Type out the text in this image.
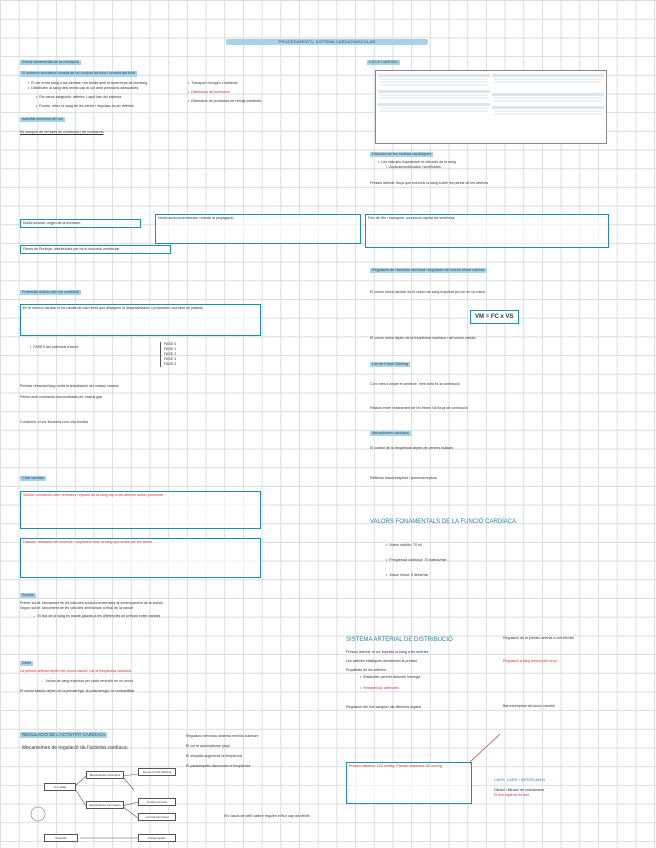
PROCEDIMENTS, SISTEMA CARDIOVASCULAR
Efecte fonamental de la circulació
El sistema circulatori consta de un conjunt de tubs i bomba del fluid
• El cor envia sang a les cavitats i els teixits amb la seva força de bombeig
• Distribueix la sang dels teixits cap al cor amb pressions adequades
• Els vasos sanguinis: artèries i capil·lars del sistema
• Funció: rebre la sang de les venes i impulsar-la per artèries
• Transport d'oxigen i nutrients
• Distribució de hormones
• Eliminació de productes de rebuig metabòlic
Activitat elèctrica del cor
Es compon de cèl·lules de conducció i de contracció
Nòdul sinusal: origen de la excitació
Fibres de Purkinje: distribuïdes per tot el miocardi ventricular
Nòdul auriculoventricular: retarda la propagació	Feix de His i branques: conducció ràpida als ventricles
Potencial d'acció del cor contràctil
En el múscul cardíac hi ha canals de calci lents que allarguen la despolarització i produeixen una fase de plateau
• FASES del potencial d'acció:
FASE 0
FASE 1
FASE 2
FASE 3
FASE 4
Periode refractari llarg: evita la tetanització del múscul cardíac
Fibres amb contracció sincronitzada per unions gap
Conclusió: el cor funciona com una bomba
Cicle cardíac
Sístole: contracció dels ventricles i ejecció de la sang cap a les artèries aorta i pulmonar
Diàstole: relaxació del ventricle i ompliment amb la sang que arriba per les venes
Sorolls
Primer soroll: tancament de les vàlvules auriculoventriculars al començament de la sístole
Segon soroll: tancament de les vàlvules semilunars al final de la sístole
→ El flux de la sang es manté gràcies a les diferències de pressió entre cavitats
Dèbit
La pressió arterial depèn del volum sistòlic i de la freqüència cardíaca
→ Volum de sang expulsat per cada ventricle en un minut
El volum sistòlic depèn de la precàrrega, la postcàrrega i la contractilitat
REGULACIÓ DE L'ACTIVITAT CARDÍACA
Mecanismes de regulació de l'activitat cardíaca:
Cor aïllat
Mecanismes intrínsecs
Llei de Frank-Starling
Mecanismes extrínsecs
Control nerviós
Control hormonal
Simpàtic	Parasimpàtic
Regulació nerviosa: sistema nerviós autònom
El cor té automatisme propi
El simpàtic augmenta la freqüència
El parasimpàtic disminueix la freqüència
CICLE CARDÍAC
Vàlvules de les cavitats cardíaques
• Les vàlvules impedeixen el retrocés de la sang
• Auriculoventriculars i semilunars
Pressió arterial: força que exerceix la sang sobre les parets de les artèries
Regulació de l'activitat nerviosa i regulació del volum minut cardíac
El volum minut cardíac és el volum de sang expulsat pel cor en un minut
VM = FC x VS
El volum minut depèn de la freqüència cardíaca i del volum sistòlic
Llei de Frank-Starling
Com més s'omple el ventricle, més forta és la contracció
Relació entre l'estirament de les fibres i la força de contracció
Mecanismes cardíacs
El control de la freqüència depèn de centres bulbars
Reflexos barorreceptors i quimioreceptors
VALORS FONAMENTALS DE LA FUNCIÓ CARDÍACA
• Volum sistòlic: 70 ml
• Freqüència cardíaca: 70 batecs/min
• Volum minut: 5 litres/min
SISTEMA ARTERIAL DE DISTRIBUCIÓ
Pressió arterial: el cor impulsa la sang a les artèries
Les artèries elàstiques amorteixen la pressió
Propietats de les artèries:
• Elasticitat: permet absorbir l'energia
• Resistència: arterioles
Regulació del flux sanguini als diferents òrgans
Regulació de la pressió arterial a curt termini
Regulació a llarg termini pel ronyó
Barorreceptors del sinus carotidi
Pressió sistòlica: 120 mmHg. Pressió diastòlica: 80 mmHg
CAPIL·LARS I INTERCANVI
Difusió i filtració de substàncies
El flux capil·lar és lent
Els vasos de petit calibre regulen el flux cap als teixits
